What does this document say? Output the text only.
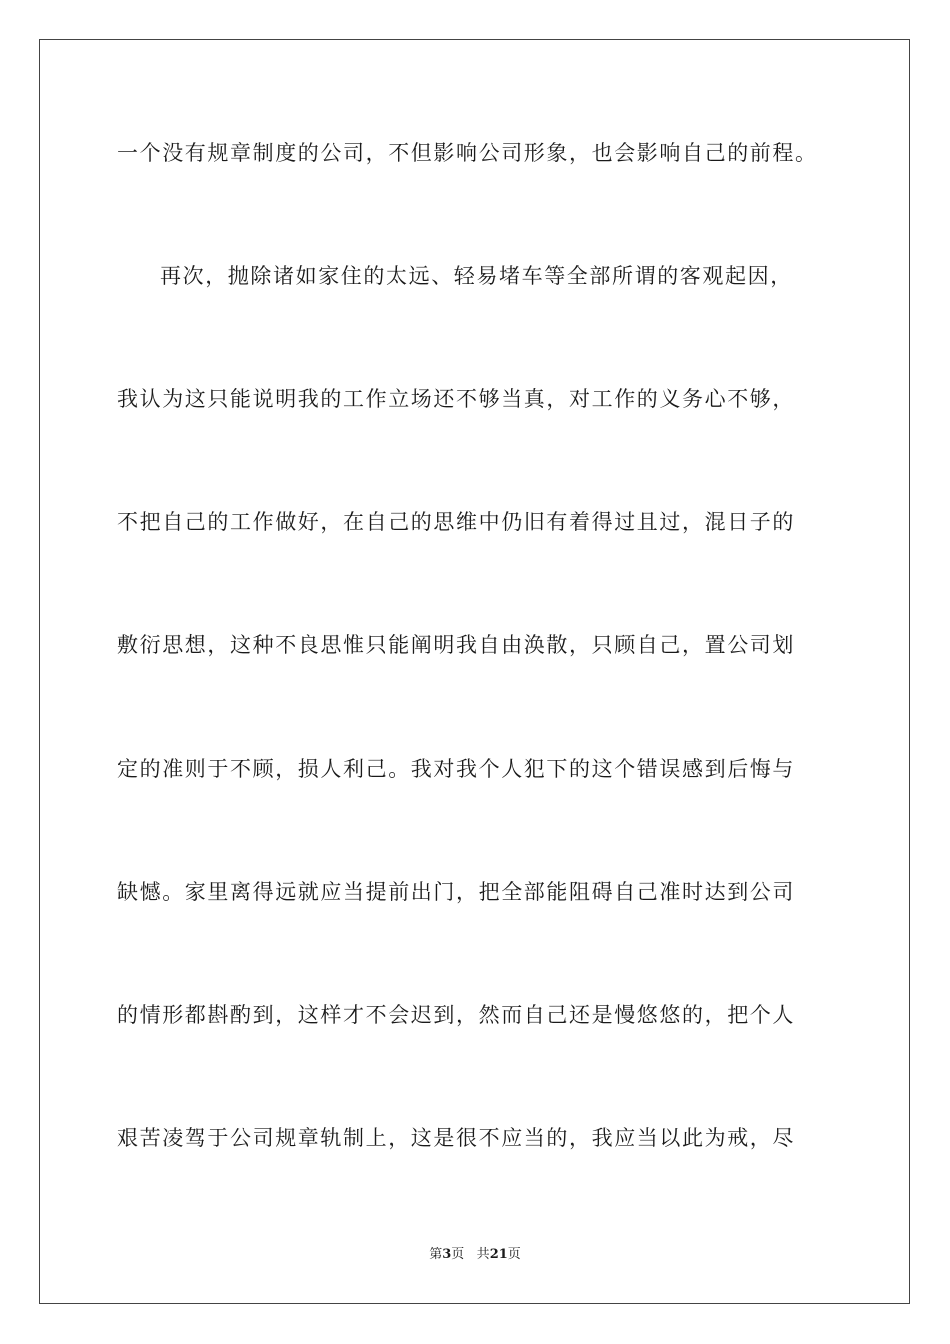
一个没有规章制度的公司，不但影响公司形象，也会影响自己的前程。
再次，抛除诸如家住的太远、轻易堵车等全部所谓的客观起因，
我认为这只能说明我的工作立场还不够当真，对工作的义务心不够，
不把自己的工作做好，在自己的思维中仍旧有着得过且过，混日子的
敷衍思想，这种不良思惟只能阐明我自由涣散，只顾自己，置公司划
定的准则于不顾，损人利己。我对我个人犯下的这个错误感到后悔与
缺憾。家里离得远就应当提前出门，把全部能阻碍自己准时达到公司
的情形都斟酌到，这样才不会迟到，然而自己还是慢悠悠的，把个人
艰苦凌驾于公司规章轨制上，这是很不应当的，我应当以此为戒，尽
第3页 共21页
